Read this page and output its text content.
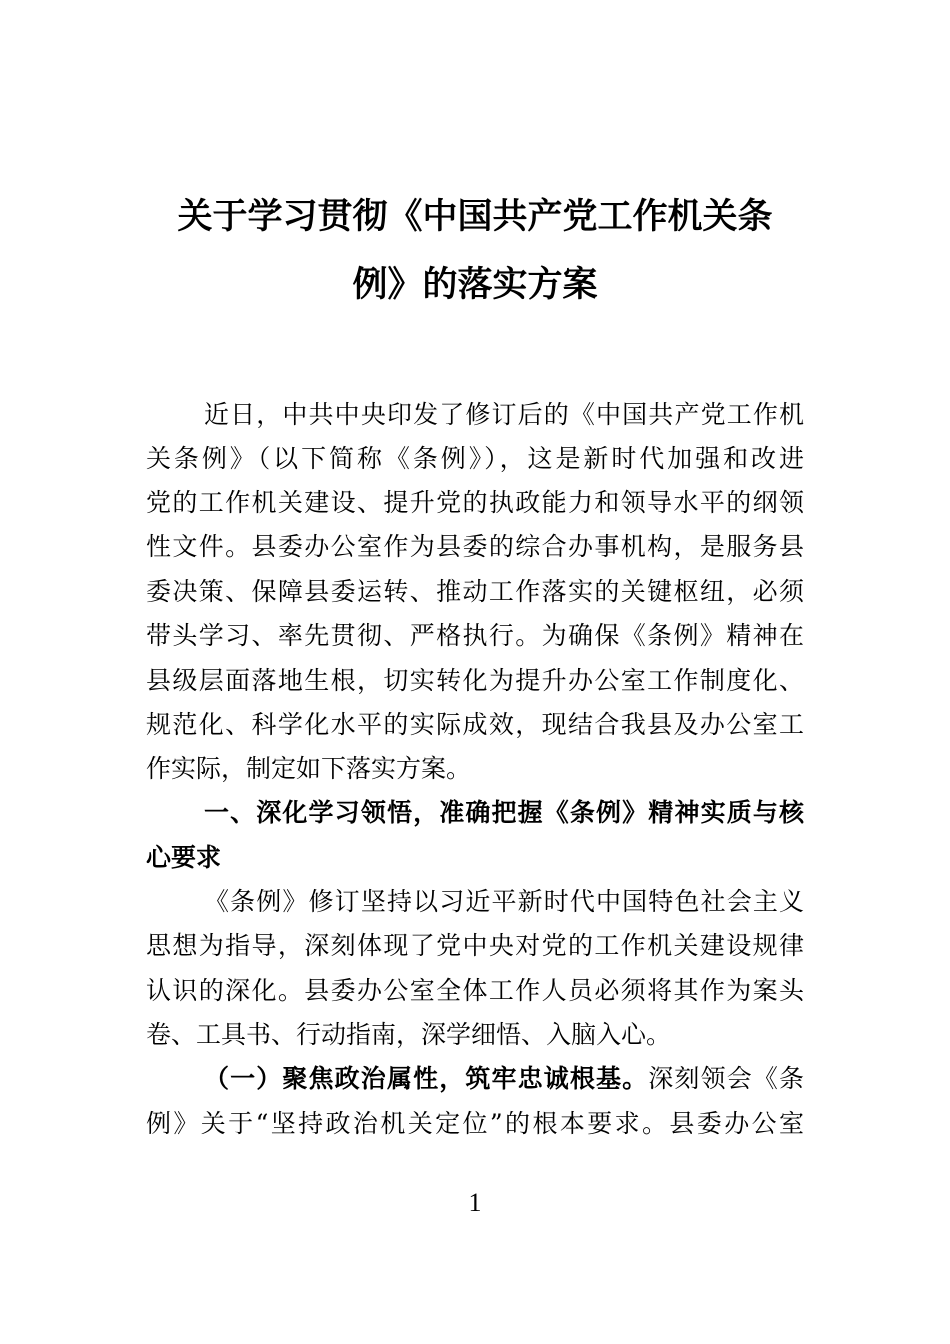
关于学习贯彻《中国共产党工作机关条
例》的落实方案
近日，中共中央印发了修订后的《中国共产党工作机
关条例》（以下简称《条例》），这是新时代加强和改进
党的工作机关建设、提升党的执政能力和领导水平的纲领
性文件。县委办公室作为县委的综合办事机构，是服务县
委决策、保障县委运转、推动工作落实的关键枢纽，必须
带头学习、率先贯彻、严格执行。为确保《条例》精神在
县级层面落地生根，切实转化为提升办公室工作制度化、
规范化、科学化水平的实际成效，现结合我县及办公室工
作实际，制定如下落实方案。
一、深化学习领悟，准确把握《条例》精神实质与核
心要求
《条例》修订坚持以习近平新时代中国特色社会主义
思想为指导，深刻体现了党中央对党的工作机关建设规律
认识的深化。县委办公室全体工作人员必须将其作为案头
卷、工具书、行动指南，深学细悟、入脑入心。
（一）聚焦政治属性，筑牢忠诚根基。深刻领会《条
例》关于“坚持政治机关定位”的根本要求。县委办公室
1
